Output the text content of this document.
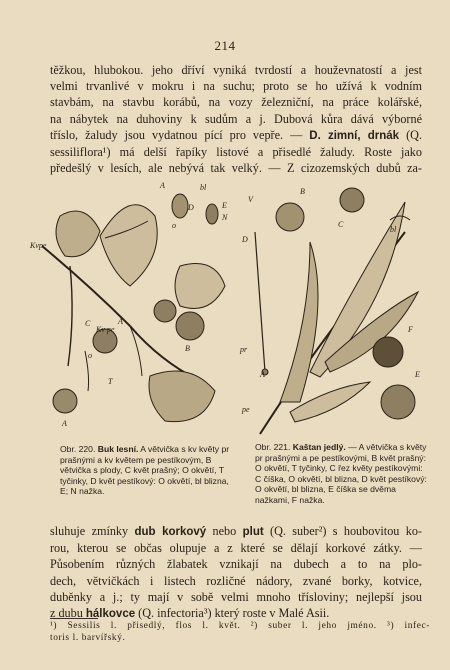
214
těžkou, hlubokou. jeho dříví vyniká tvrdostí a houževnatostí a jest
velmi trvanlivé v mokru i na suchu; proto se ho užívá k vodním
stavbám, na stavbu korábů, na vozy železniční, na práce kolářské,
na nábytek na duhoviny k sudům a j. Dubová kůra dává výborné
tříslo, žaludy jsou vydatnou pící pro vepře. — D. zimní, drnák (Q.
sessiliflora¹) má delší řapíky listové a přisedlé žaludy. Roste jako
předešlý v lesích, ale nebývá tak velký. — Z cizozemských dubů za-
A	bl
D	E
N
o
Kvpe
C	A
T
o
Kv pe
B
A
V
B
C
D
A	E
F
pr
pe
bl
Obr. 220. Buk lesní. A větvička s kv květy pr prašnými a kv květem pe pestíkovým, B větvička s plody, C květ prašný; O okvětí, T tyčinky, D květ pestíkový: O okvětí, bl blizna, E; N nažka.
Obr. 221. Kaštan jedlý. — A větvička s květy pr prašnými a pe pestíkovými, B květ prašný: O okvětí, T tyčinky, C řez květy pestíkovými: C číška, O okvětí, bl blizna, D květ pestíkový: O okvětí, bl blizna, E číška se dvěma nažkami, F nažka.
sluhuje zmínky dub korkový nebo plut (Q. suber²) s houbovitou ko-
rou, kterou se občas olupuje a z které se dělají korkové zátky. —
Působením různých žlabatek vznikají na dubech a to na plo-
dech, větvičkách i listech rozličné nádory, zvané borky, kotvice,
duběnky a j.; ty mají v sobě velmi mnoho třísloviny; nejlepší jsou
z dubu hálkovce (Q. infectoria³) který roste v Malé Asii.
¹) Sessilis l. přisedlý, flos l. květ. ²) suber l. jeho jméno. ³) infec-
toris l. barvířský.
